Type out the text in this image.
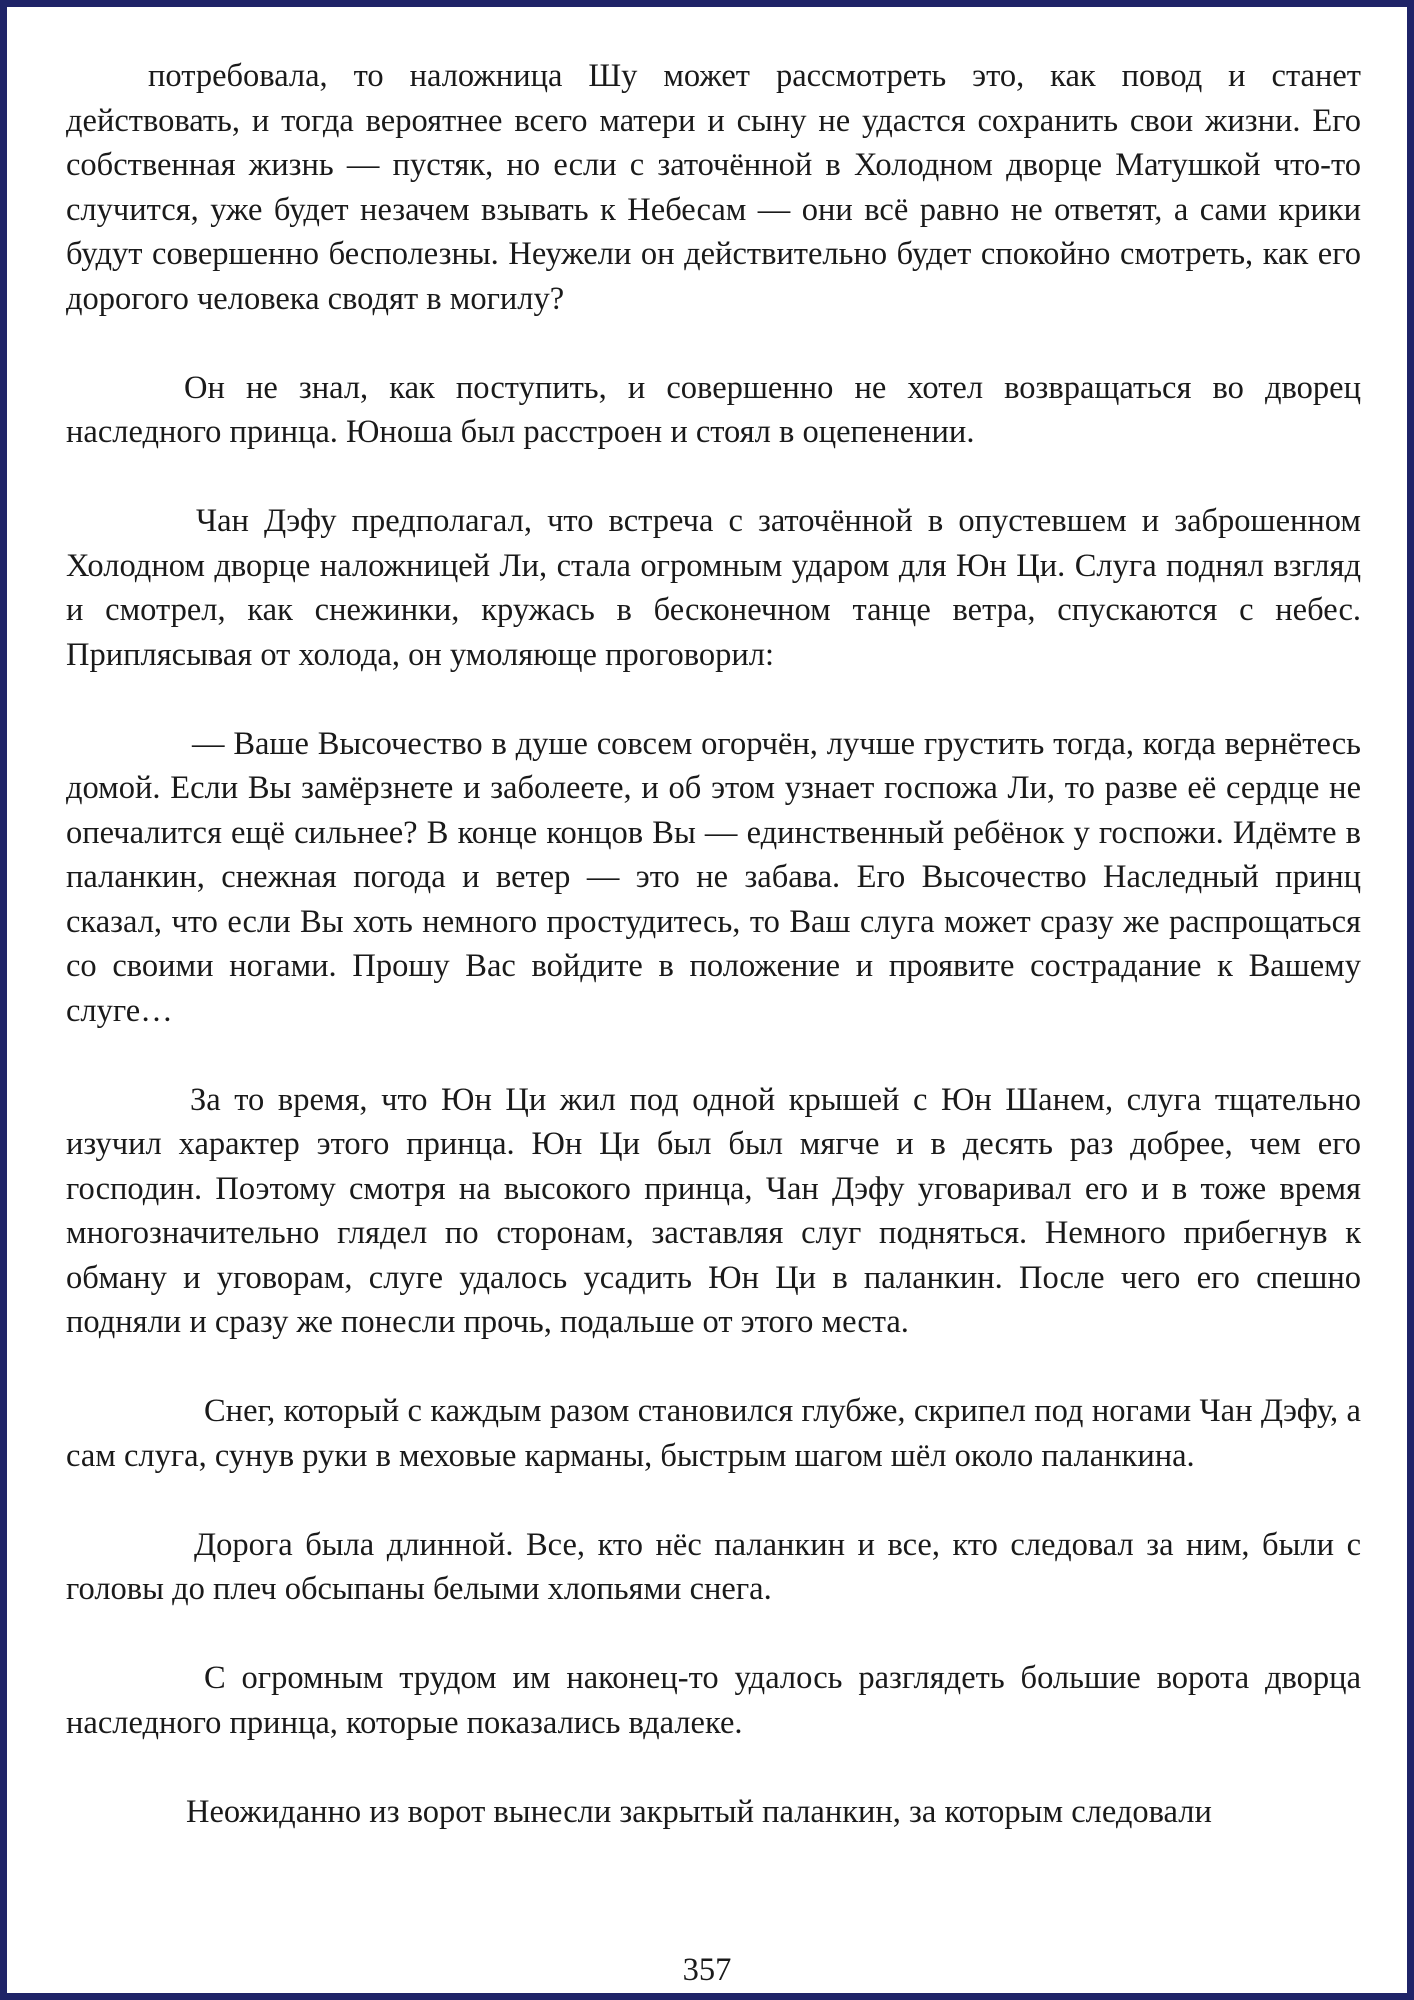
потребовала, то наложница Шу может рассмотреть это, как повод и станет действовать, и тогда вероятнее всего матери и сыну не удастся сохранить свои жизни. Его собственная жизнь — пустяк, но если с заточённой в Холодном дворце Матушкой что-то случится, уже будет незачем взывать к Небесам — они всё равно не ответят, а сами крики будут совершенно бесполезны. Неужели он действительно будет спокойно смотреть, как его дорогого человека сводят в могилу?

Он не знал, как поступить, и совершенно не хотел возвращаться во дворец наследного принца. Юноша был расстроен и стоял в оцепенении.

Чан Дэфу предполагал, что встреча с заточённой в опустевшем и заброшенном Холодном дворце наложницей Ли, стала огромным ударом для Юн Ци. Слуга поднял взгляд и смотрел, как снежинки, кружась в бесконечном танце ветра, спускаются с небес. Приплясывая от холода, он умоляюще проговорил:

— Ваше Высочество в душе совсем огорчён, лучше грустить тогда, когда вернётесь домой. Если Вы замёрзнете и заболеете, и об этом узнает госпожа Ли, то разве её сердце не опечалится ещё сильнее? В конце концов Вы — единственный ребёнок у госпожи. Идёмте в паланкин, снежная погода и ветер — это не забава. Его Высочество Наследный принц сказал, что если Вы хоть немного простудитесь, то Ваш слуга может сразу же распрощаться со своими ногами. Прошу Вас войдите в положение и проявите сострадание к Вашему слуге…

За то время, что Юн Ци жил под одной крышей с Юн Шанем, слуга тщательно изучил характер этого принца. Юн Ци был был мягче и в десять раз добрее, чем его господин. Поэтому смотря на высокого принца, Чан Дэфу уговаривал его и в тоже время многозначительно глядел по сторонам, заставляя слуг подняться. Немного прибегнув к обману и уговорам, слуге удалось усадить Юн Ци в паланкин. После чего его спешно подняли и сразу же понесли прочь, подальше от этого места.

Снег, который с каждым разом становился глубже, скрипел под ногами Чан Дэфу, а сам слуга, сунув руки в меховые карманы, быстрым шагом шёл около паланкина.

Дорога была длинной. Все, кто нёс паланкин и все, кто следовал за ним, были с головы до плеч обсыпаны белыми хлопьями снега.

С огромным трудом им наконец-то удалось разглядеть большие ворота дворца наследного принца, которые показались вдалеке.

Неожиданно из ворот вынесли закрытый паланкин, за которым следовали

357
